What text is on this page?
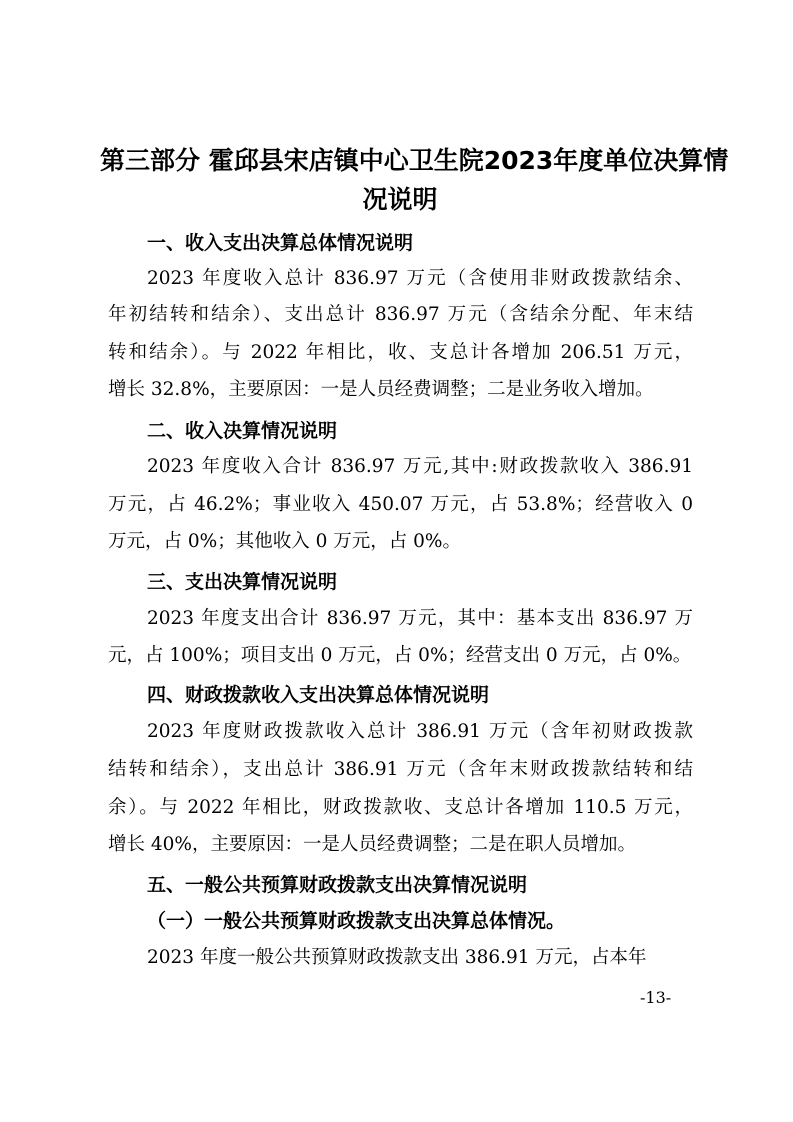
第三部分 霍邱县宋店镇中心卫生院2023年度单位决算情
况说明
一、收入支出决算总体情况说明
2023 年度收入总计 836.97 万元（含使用非财政拨款结余、
年初结转和结余）、支出总计 836.97 万元（含结余分配、年末结
转和结余）。与 2022 年相比，收、支总计各增加 206.51 万元，
增长 32.8%，主要原因：一是人员经费调整；二是业务收入增加。
二、收入决算情况说明
2023 年度收入合计 836.97 万元,其中:财政拨款收入 386.91
万元，占 46.2%；事业收入 450.07 万元，占 53.8%；经营收入 0
万元，占 0%；其他收入 0 万元，占 0%。
三、支出决算情况说明
2023 年度支出合计 836.97 万元，其中：基本支出 836.97 万
元，占 100%；项目支出 0 万元，占 0%；经营支出 0 万元，占 0%。
四、财政拨款收入支出决算总体情况说明
2023 年度财政拨款收入总计 386.91 万元（含年初财政拨款
结转和结余），支出总计 386.91 万元（含年末财政拨款结转和结
余）。与 2022 年相比，财政拨款收、支总计各增加 110.5 万元，
增长 40%，主要原因：一是人员经费调整；二是在职人员增加。
五、一般公共预算财政拨款支出决算情况说明
（一）一般公共预算财政拨款支出决算总体情况。
2023 年度一般公共预算财政拨款支出 386.91 万元，占本年
-13-
